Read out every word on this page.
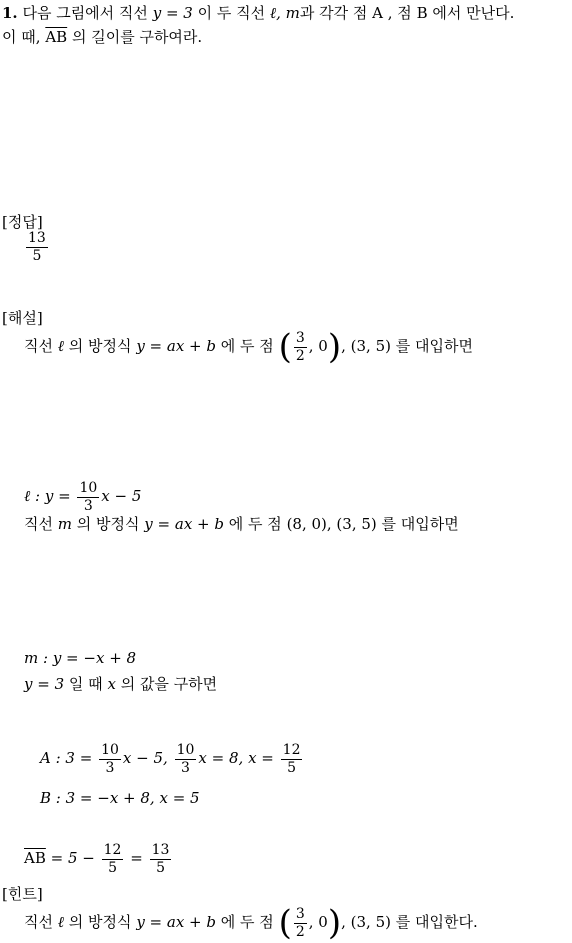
1. 다음 그림에서 직선 y = 3 이 두 직선 ℓ, m과 각각 점 A , 점 B 에서 만난다.
이 때, $\overline{AB}$ 의 길이를 구하여라.
[정답]
$\frac{13}{5}$
[해설]
직선 ℓ 의 방정식 y = ax + b 에 두 점 ( $\frac{3}{2}$ , 0), (3, 5) 를 대입하면
ℓ : $y = \frac{10}{3}$ x − 5
직선 m 의 방정식 y = ax + b 에 두 점 (8, 0), (3, 5) 를 대입하면
m : y = −x + 8
y = 3 일 때 x 의 값을 구하면
A : $3 = \frac{10}{3}$ x − 5, $\frac{10}{3}$ x = 8, $x = \frac{12}{5}$
B : 3 = −x + 8, x = 5
$\overline{AB} = 5 - \frac{12}{5} = \frac{13}{5}$
[힌트]
직선 ℓ 의 방정식 y = ax + b 에 두 점 ( $\frac{3}{2}$ , 0), (3, 5) 를 대입한다.
